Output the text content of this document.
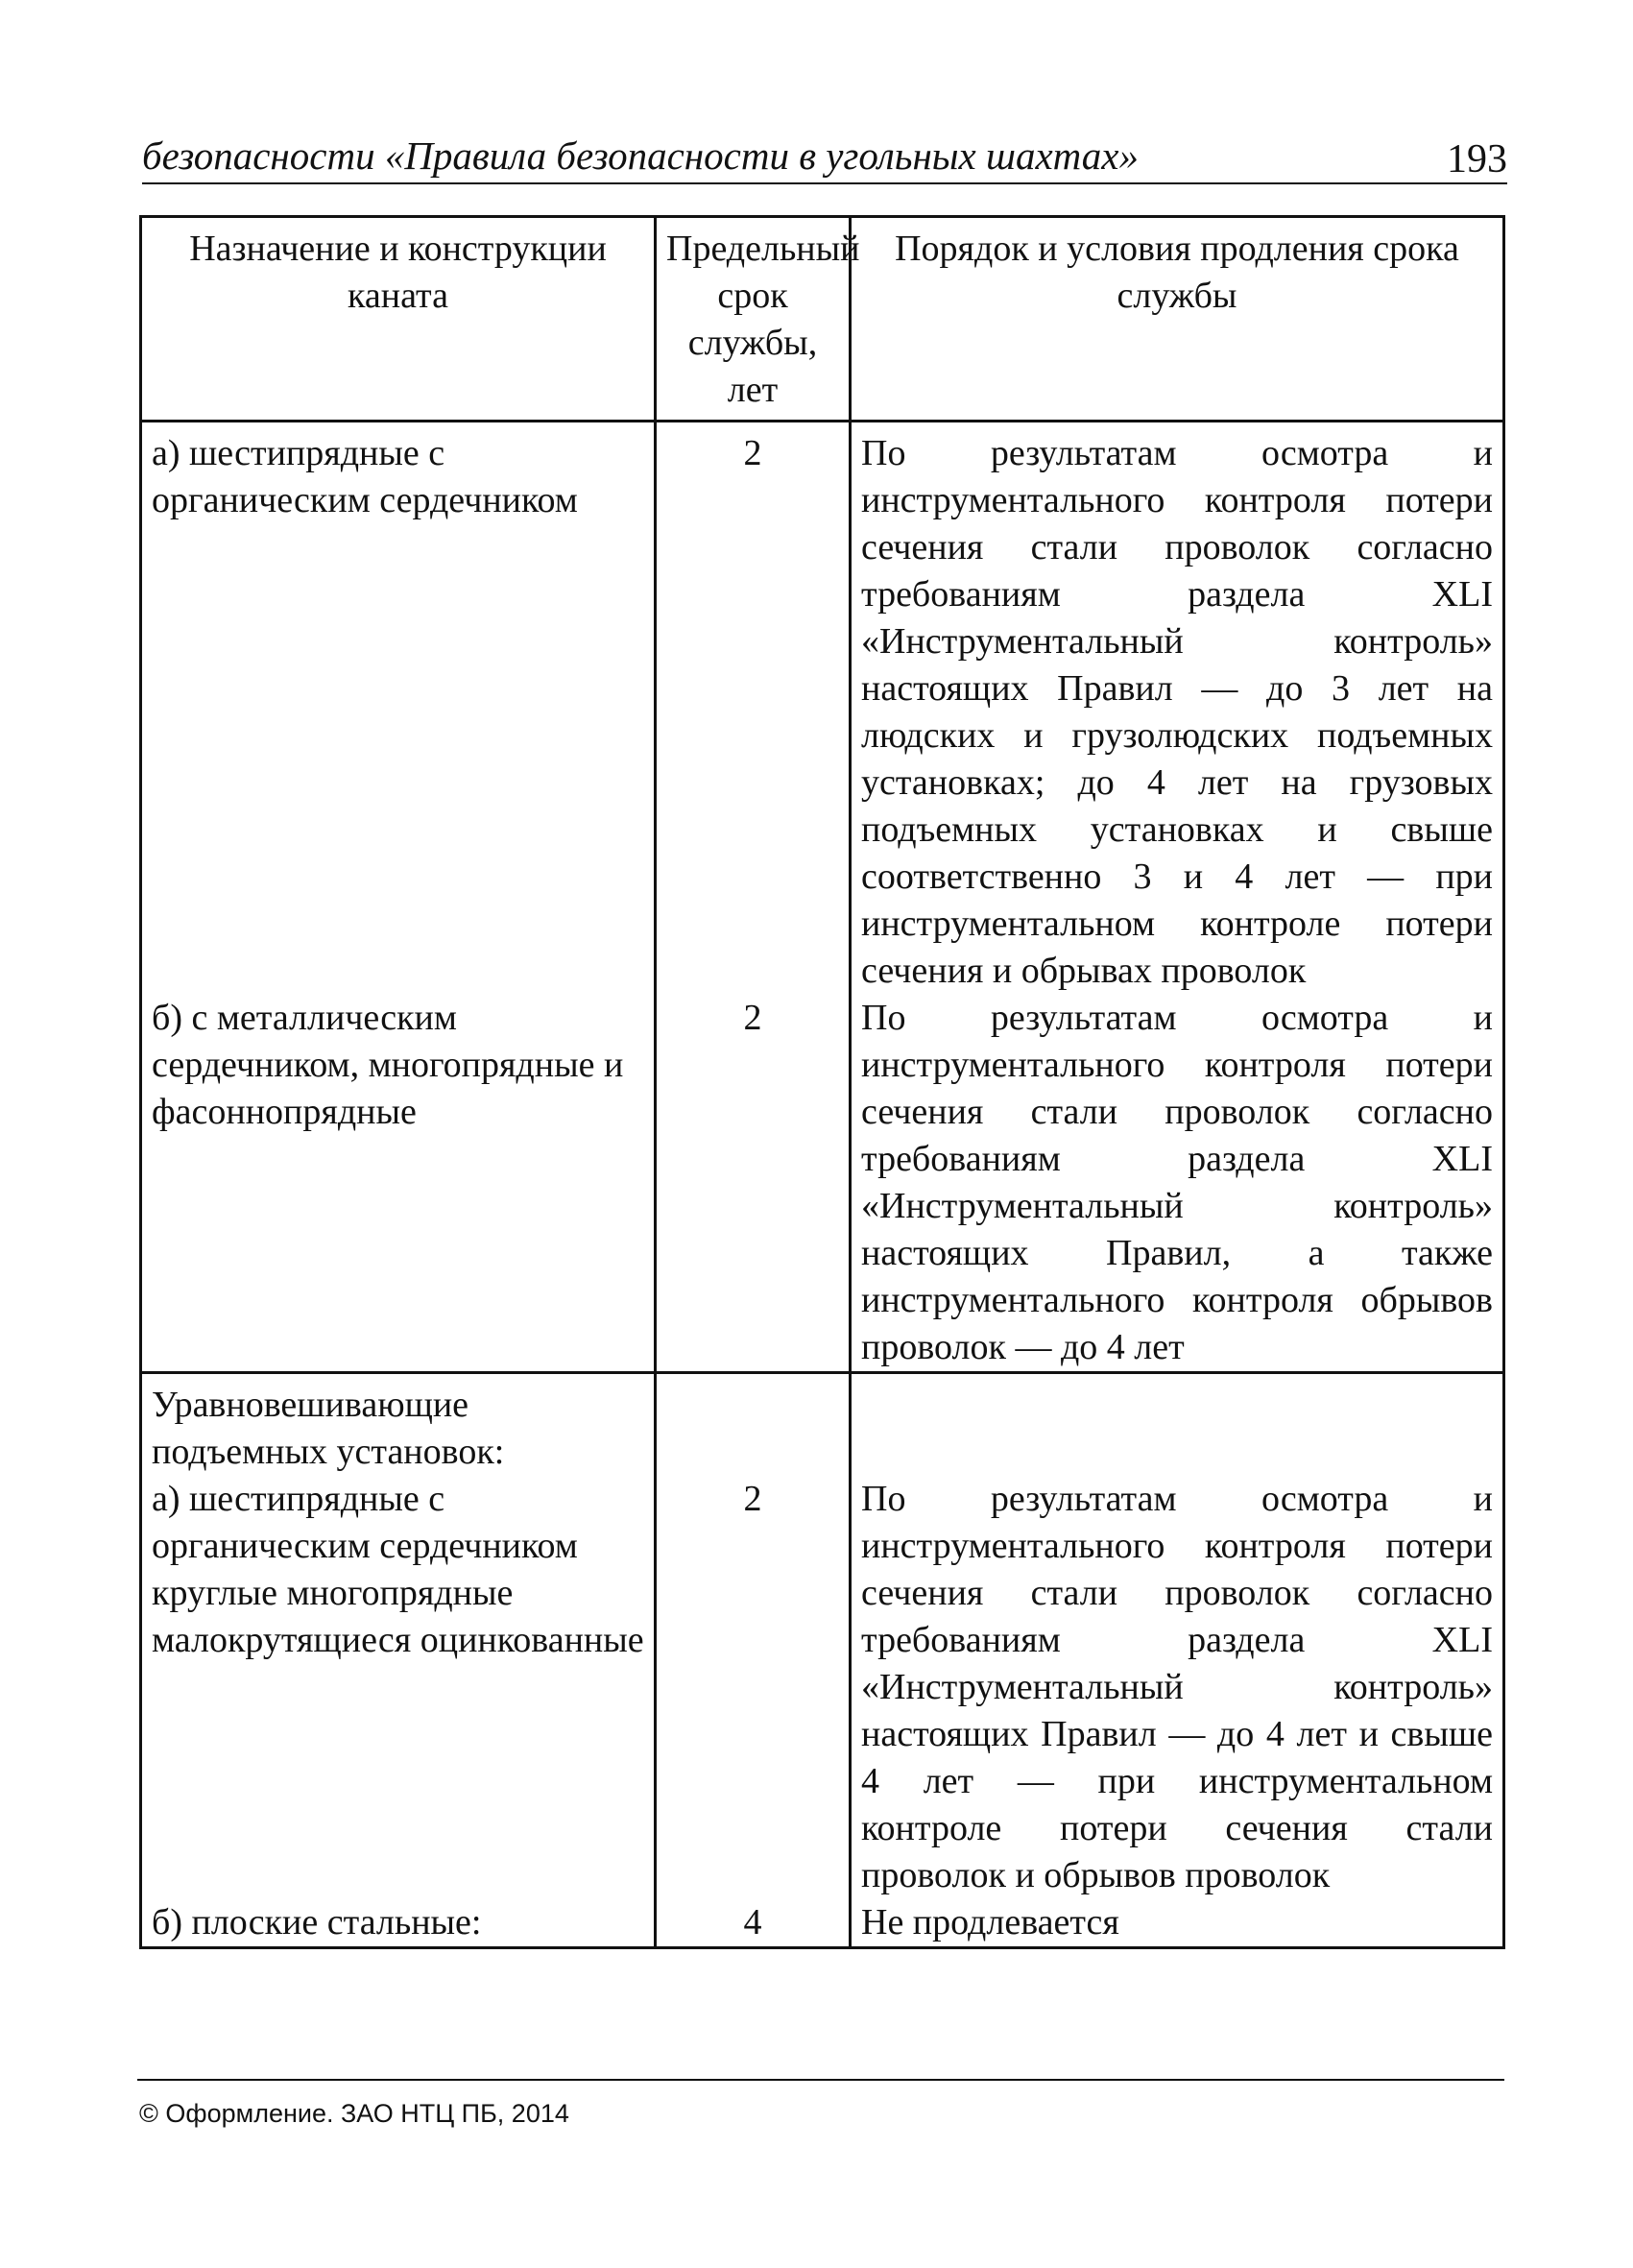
безопасности «Правила безопасности в угольных шахтах»	193
Назначение и конструкции каната	Предельный срок службы, лет	Порядок и условия продления срока службы
а) шестипрядные с органическим сердечником	2	По результатам осмотра и инструментального контроля потери сечения стали проволок согласно требованиям раздела XLI «Инструментальный контроль» настоящих Правил — до 3 лет на людских и грузолюдских подъемных установках; до 4 лет на грузовых подъемных установках и свыше соответственно 3 и 4 лет — при инструментальном контроле потери сечения и обрывах проволок
б) с металлическим сердечником, многопрядные и фасоннопрядные	2	По результатам осмотра и инструментального контроля потери сечения стали проволок согласно требованиям раздела XLI «Инструментальный контроль» настоящих Правил, а также инструментального контроля обрывов проволок — до 4 лет
Уравновешивающие подъемных установок:		
а) шестипрядные с органическим сердечником круглые многопрядные малокрутящиеся оцинкованные	2	По результатам осмотра и инструментального контроля потери сечения стали проволок согласно требованиям раздела XLI «Инструментальный контроль» настоящих Правил — до 4 лет и свыше 4 лет — при инструментальном контроле потери сечения стали проволок и обрывов проволок
б) плоские стальные:	4	Не продлевается
© Оформление. ЗАО НТЦ ПБ, 2014
